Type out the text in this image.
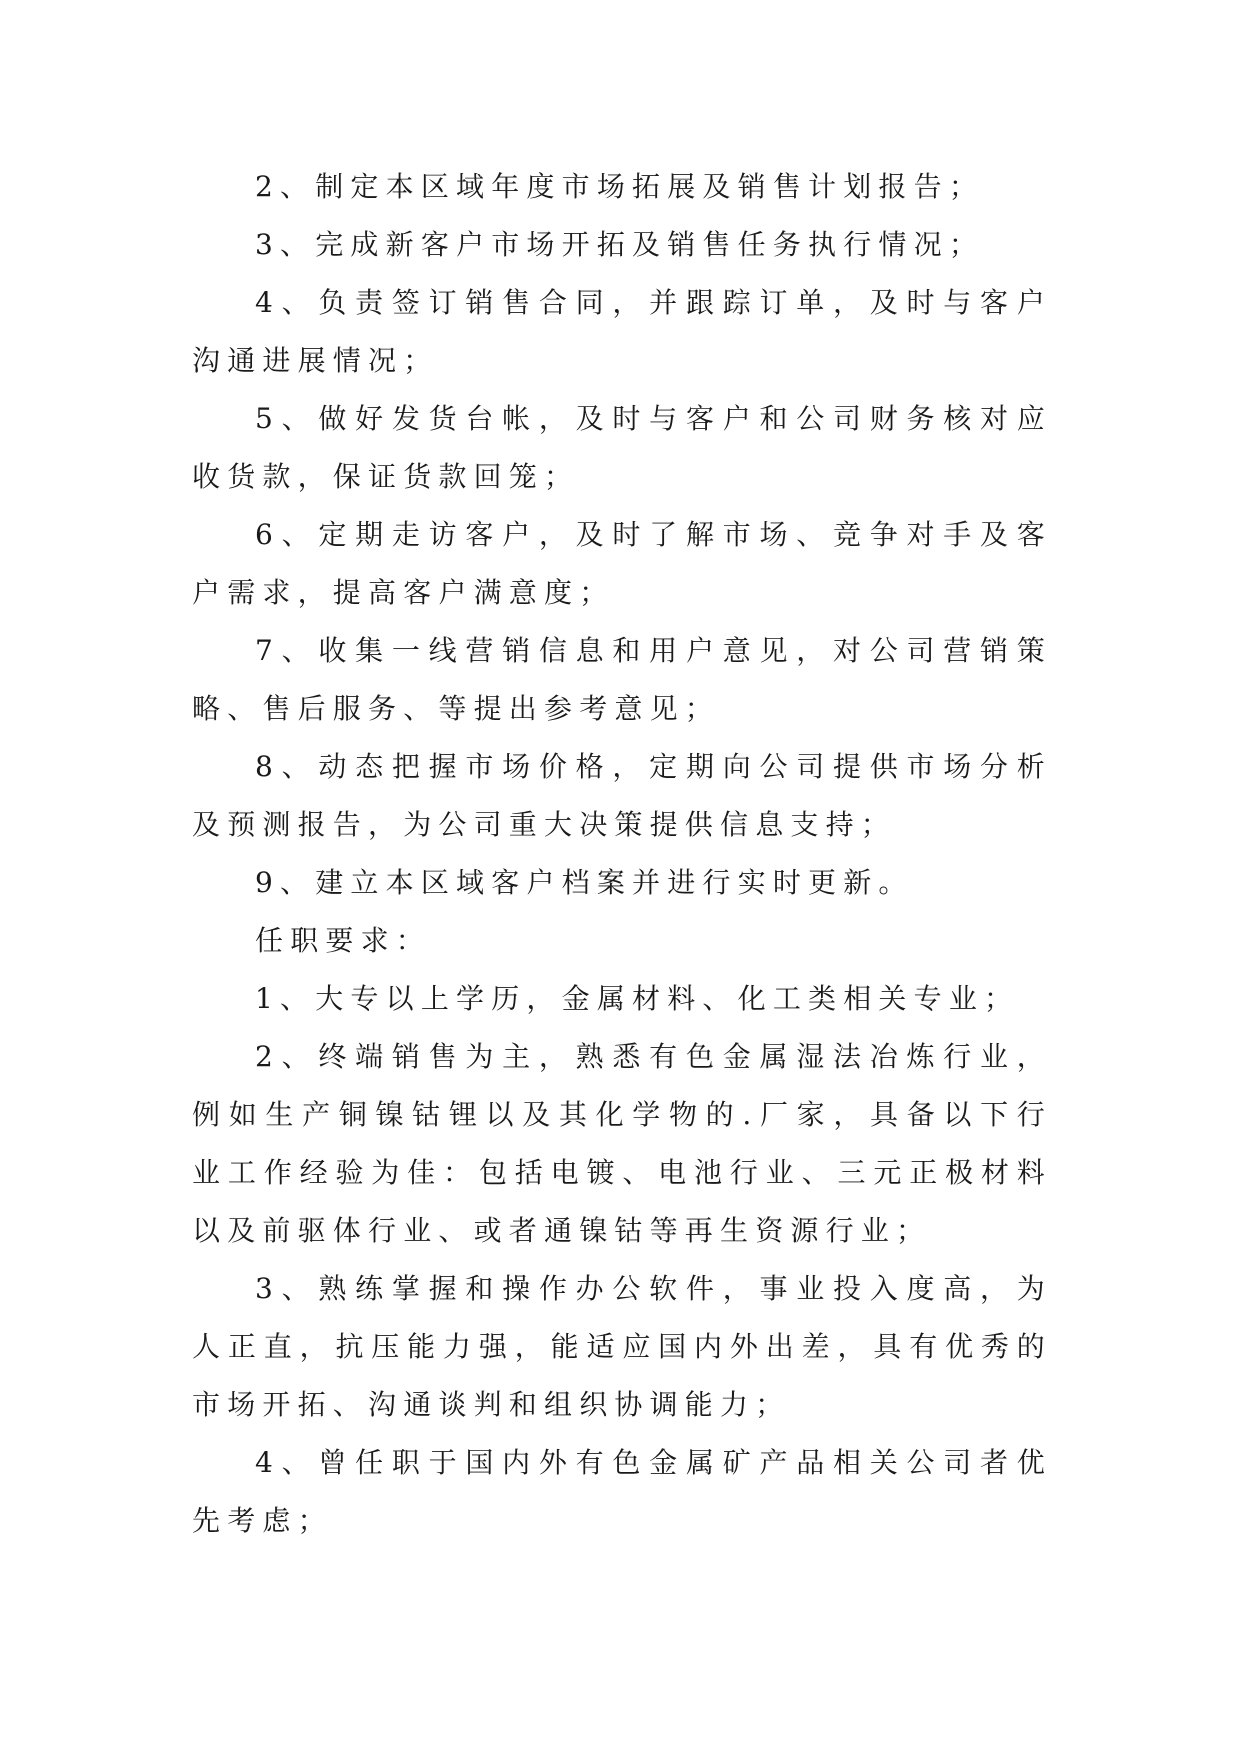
2、制定本区域年度市场拓展及销售计划报告；

3、完成新客户市场开拓及销售任务执行情况；

4、负责签订销售合同，并跟踪订单，及时与客户沟通进展情况；

5、做好发货台帐，及时与客户和公司财务核对应收货款，保证货款回笼；

6、定期走访客户，及时了解市场、竞争对手及客户需求，提高客户满意度；

7、收集一线营销信息和用户意见，对公司营销策略、售后服务、等提出参考意见；

8、动态把握市场价格，定期向公司提供市场分析及预测报告，为公司重大决策提供信息支持；

9、建立本区域客户档案并进行实时更新。

任职要求：

1、大专以上学历，金属材料、化工类相关专业；

2、终端销售为主，熟悉有色金属湿法冶炼行业，例如生产铜镍钴锂以及其化学物的.厂家，具备以下行业工作经验为佳：包括电镀、电池行业、三元正极材料以及前驱体行业、或者通镍钴等再生资源行业；

3、熟练掌握和操作办公软件，事业投入度高，为人正直，抗压能力强，能适应国内外出差，具有优秀的市场开拓、沟通谈判和组织协调能力；

4、曾任职于国内外有色金属矿产品相关公司者优先考虑；
